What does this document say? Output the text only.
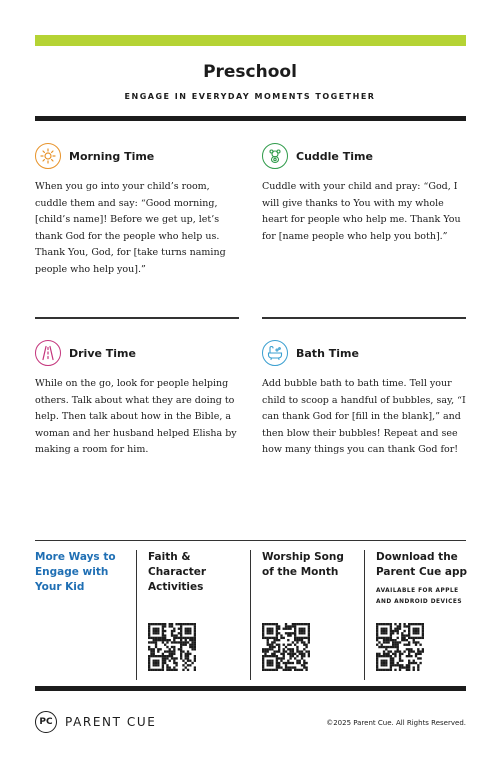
Preschool
ENGAGE IN EVERYDAY MOMENTS TOGETHER
Morning Time

When you go into your child’s room, cuddle them and say: “Good morning, [child’s name]! Before we get up, let’s thank God for the people who help us. Thank You, God, for [take turns naming people who help you].”

Cuddle Time

Cuddle with your child and pray: “God, I will give thanks to You with my whole heart for people who help me. Thank You for [name people who help you both].”

Drive Time

While on the go, look for people helping others. Talk about what they are doing to help. Then talk about how in the Bible, a woman and her husband helped Elisha by making a room for him.

Bath Time

Add bubble bath to bath time. Tell your child to scoop a handful of bubbles, say, “I can thank God for [fill in the blank],” and then blow their bubbles! Repeat and see how many things you can thank God for!

More Ways to Engage with Your Kid
Faith & Character Activities
Worship Song of the Month
Download the Parent Cue app
AVAILABLE FOR APPLE AND ANDROID DEVICES
PC	PARENT CUE	©2025 Parent Cue. All Rights Reserved.
